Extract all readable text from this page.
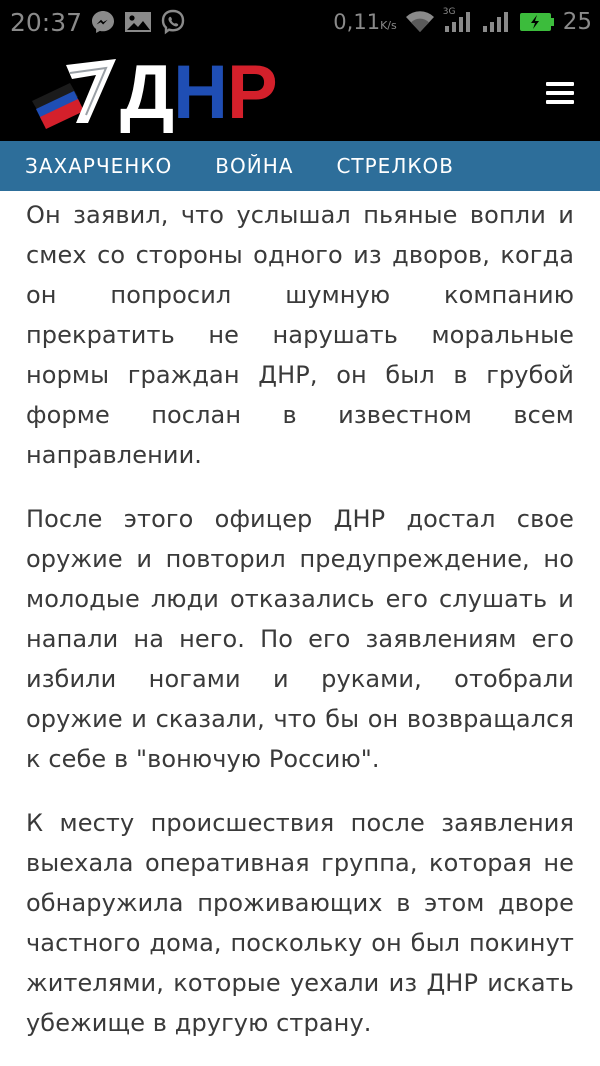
20:37	0,11K/s
3G	25
ДНР
ЗАХАРЧЕНКО ВОЙНА СТРЕЛКОВ

Он заявил, что услышал пьяные вопли и смех со стороны одного из дворов, когда он попросил шумную компанию прекратить не нарушать моральные нормы граждан ДНР, он был в грубой форме послан в известном всем направлении.

После этого офицер ДНР достал свое оружие и повторил предупреждение, но молодые люди отказались его слушать и напали на него. По его заявлениям его избили ногами и руками, отобрали оружие и сказали, что бы он возвращался к себе в "вонючую Россию".

К месту происшествия после заявления выехала оперативная группа, которая не обнаружила проживающих в этом дворе частного дома, поскольку он был покинут жителями, которые уехали из ДНР искать убежище в другую страну.
